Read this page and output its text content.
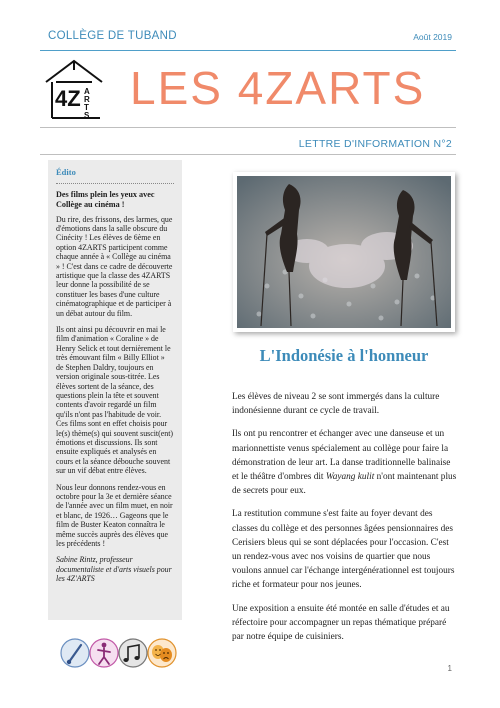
COLLÈGE DE TUBAND	Août 2019
4Z A
R
T
S
LES 4ZARTS
LETTRE D'INFORMATION N°2
Édito
Des films plein les yeux avec Collège au cinéma !

Du rire, des frissons, des larmes, que d'émotions dans la salle obscure du Cinécity ! Les élèves de 6ème en option 4ZARTS participent comme chaque année à « Collège au cinéma » ! C'est dans ce cadre de découverte artistique que la classe des 4ZARTS leur donne la possibilité de se constituer les bases d'une culture cinématographique et de participer à un débat autour du film.

Ils ont ainsi pu découvrir en mai le film d'animation « Coraline » de Henry Selick et tout dernièrement le très émouvant film « Billy Elliot » de Stephen Daldry, toujours en version originale sous-titrée. Les élèves sortent de la séance, des questions plein la tête et souvent contents d'avoir regardé un film qu'ils n'ont pas l'habitude de voir. Ces films sont en effet choisis pour le(s) thème(s) qui souvent suscit(ent) émotions et discussions. Ils sont ensuite expliqués et analysés en cours et la séance débouche souvent sur un vif débat entre élèves.

Nous leur donnons rendez-vous en octobre pour la 3e et dernière séance de l'année avec un film muet, en noir et blanc, de 1926… Gageons que le film de Buster Keaton connaîtra le même succès auprès des élèves que les précédents !

Sabine Rintz, professeur documentaliste et d'arts visuels pour les 4Z'ARTS

L'Indonésie à l'honneur

Les élèves de niveau 2 se sont immergés dans la culture indonésienne durant ce cycle de travail.

Ils ont pu rencontrer et échanger avec une danseuse et un marionnettiste venus spécialement au collège pour faire la démonstration de leur art. La danse traditionnelle balinaise et le théâtre d'ombres dit Wayang kulit n'ont maintenant plus de secrets pour eux.

La restitution commune s'est faite au foyer devant des classes du collège et des personnes âgées pensionnaires des Cerisiers bleus qui se sont déplacées pour l'occasion. C'est un rendez-vous avec nos voisins de quartier que nous voulons annuel car l'échange intergénérationnel est toujours riche et formateur pour nos jeunes.

Une exposition a ensuite été montée en salle d'études et au réfectoire pour accompagner un repas thématique préparé par notre équipe de cuisiniers.

1
